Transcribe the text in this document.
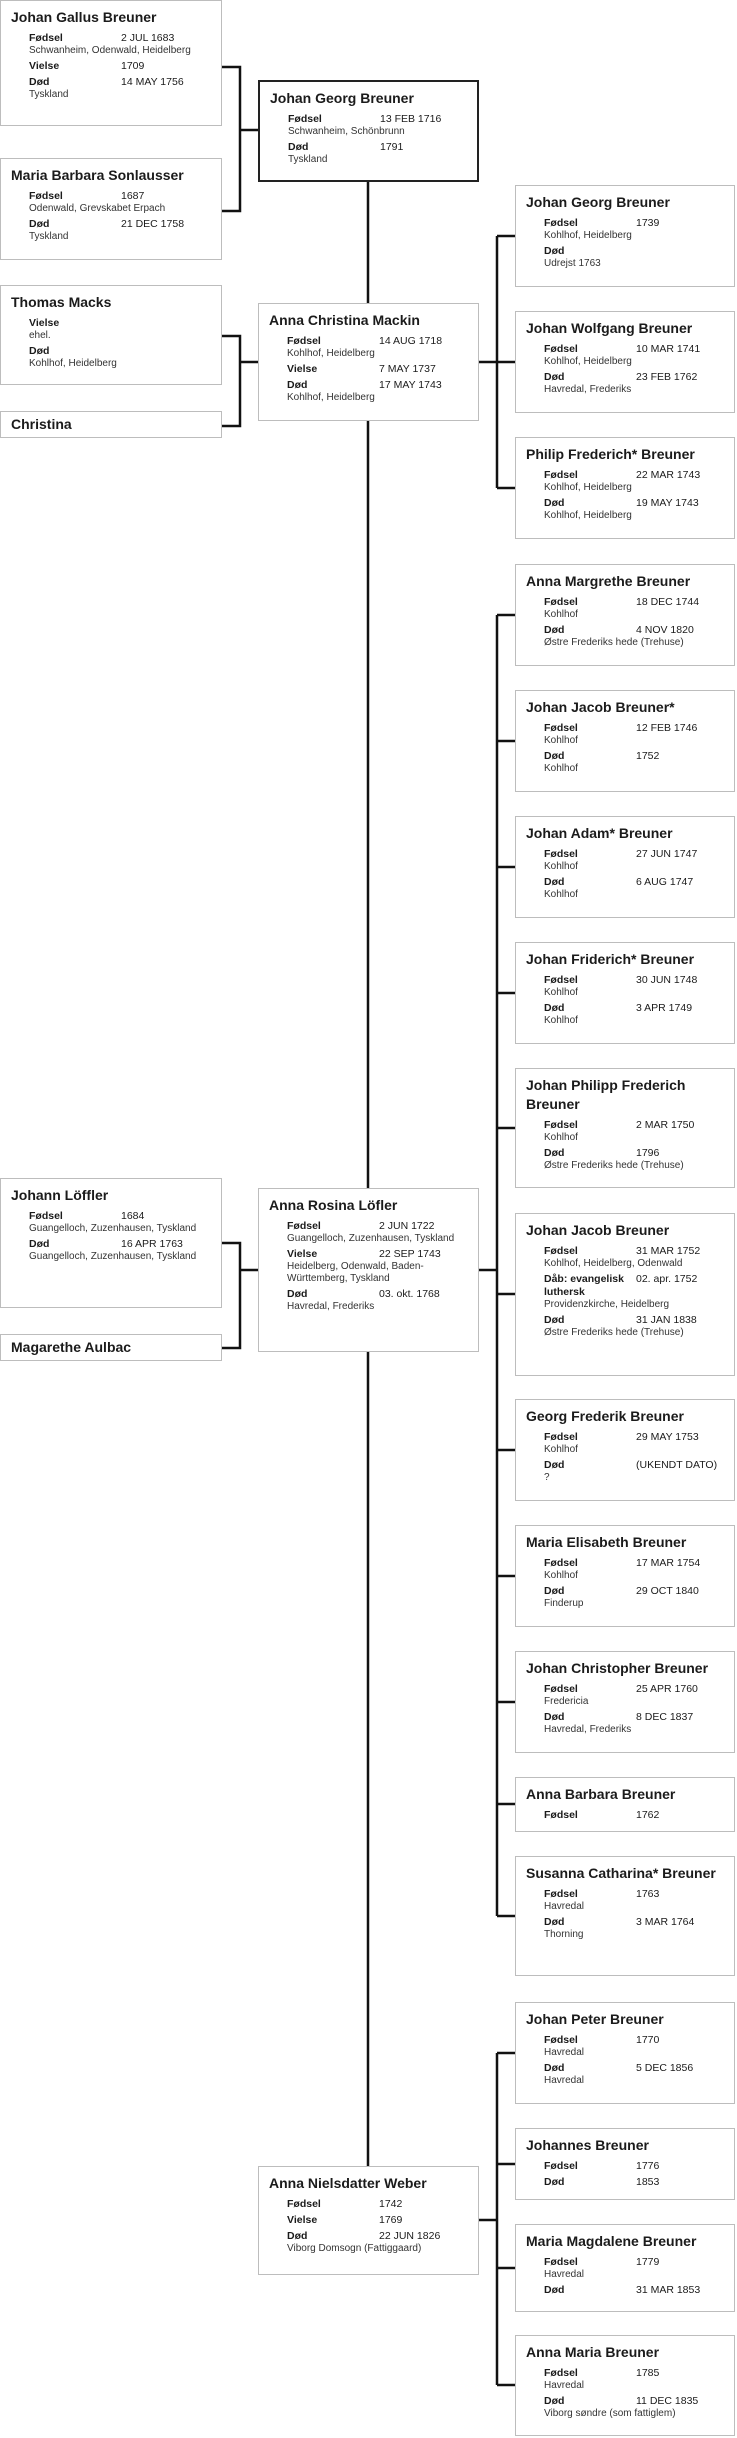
Johan Gallus Breuner
Fødsel	2 JUL 1683
Schwanheim, Odenwald, Heidelberg
Vielse	1709
Død	14 MAY 1756
Tyskland
Maria Barbara Sonlausser
Fødsel	1687
Odenwald, Grevskabet Erpach
Død	21 DEC 1758
Tyskland
Thomas Macks
Vielse
ehel.
Død
Kohlhof, Heidelberg
Christina
Johann Löffler
Fødsel	1684
Guangelloch, Zuzenhausen, Tyskland
Død	16 APR 1763
Guangelloch, Zuzenhausen, Tyskland
Magarethe Aulbac
Johan Georg Breuner
Fødsel	13 FEB 1716
Schwanheim, Schönbrunn
Død	1791
Tyskland
Anna Christina Mackin
Fødsel	14 AUG 1718
Kohlhof, Heidelberg
Vielse	7 MAY 1737
Død	17 MAY 1743
Kohlhof, Heidelberg
Anna Rosina Löfler
Fødsel	2 JUN 1722
Guangelloch, Zuzenhausen, Tyskland
Vielse	22 SEP 1743
Heidelberg, Odenwald, Baden-Württemberg, Tyskland
Død	03. okt. 1768
Havredal, Frederiks
Anna Nielsdatter Weber
Fødsel	1742
Vielse	1769
Død	22 JUN 1826
Viborg Domsogn (Fattiggaard)
Johan Georg Breuner
Fødsel	1739
Kohlhof, Heidelberg
Død
Udrejst 1763
Johan Wolfgang Breuner
Fødsel	10 MAR 1741
Kohlhof, Heidelberg
Død	23 FEB 1762
Havredal, Frederiks
Philip Frederich* Breuner
Fødsel	22 MAR 1743
Kohlhof, Heidelberg
Død	19 MAY 1743
Kohlhof, Heidelberg
Anna Margrethe Breuner
Fødsel	18 DEC 1744
Kohlhof
Død	4 NOV 1820
Østre Frederiks hede (Trehuse)
Johan Jacob Breuner*
Fødsel	12 FEB 1746
Kohlhof
Død	1752
Kohlhof
Johan Adam* Breuner
Fødsel	27 JUN 1747
Kohlhof
Død	6 AUG 1747
Kohlhof
Johan Friderich* Breuner
Fødsel	30 JUN 1748
Kohlhof
Død	3 APR 1749
Kohlhof
Johan Philipp Frederich Breuner
Fødsel	2 MAR 1750
Kohlhof
Død	1796
Østre Frederiks hede (Trehuse)
Johan Jacob Breuner
Fødsel	31 MAR 1752
Kohlhof, Heidelberg, Odenwald
Dåb: evangelisk luthersk
02. apr. 1752
Providenzkirche, Heidelberg
Død	31 JAN 1838
Østre Frederiks hede (Trehuse)
Georg Frederik Breuner
Fødsel	29 MAY 1753
Kohlhof
Død	(UKENDT DATO)
?
Maria Elisabeth Breuner
Fødsel	17 MAR 1754
Kohlhof
Død	29 OCT 1840
Finderup
Johan Christopher Breuner
Fødsel	25 APR 1760
Fredericia
Død	8 DEC 1837
Havredal, Frederiks
Anna Barbara Breuner
Fødsel	1762
Susanna Catharina* Breuner
Fødsel	1763
Havredal
Død	3 MAR 1764
Thorning
Johan Peter Breuner
Fødsel	1770
Havredal
Død	5 DEC 1856
Havredal
Johannes Breuner
Fødsel	1776
Død	1853
Maria Magdalene Breuner
Fødsel	1779
Havredal
Død	31 MAR 1853
Anna Maria Breuner
Fødsel	1785
Havredal
Død	11 DEC 1835
Viborg søndre (som fattiglem)
